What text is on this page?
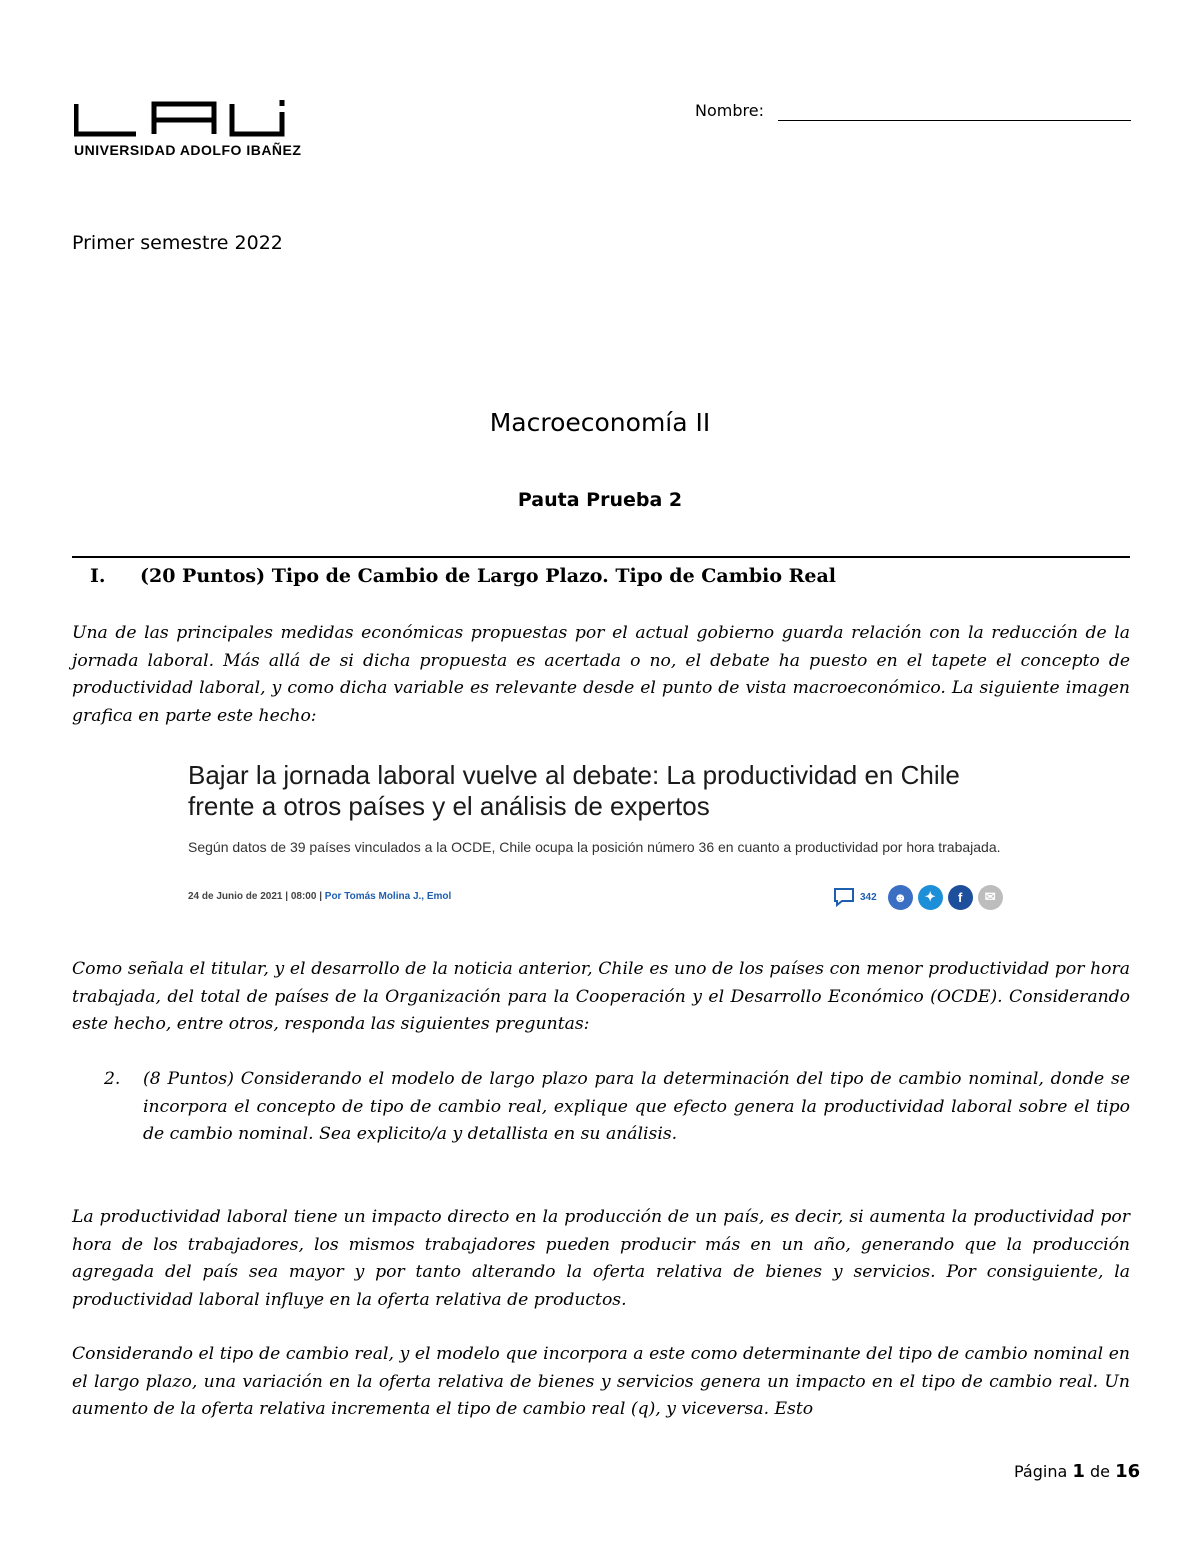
UNIVERSIDAD ADOLFO IBAÑEZ
Nombre:
Primer semestre 2022
Macroeconomía II
Pauta Prueba 2
I. (20 Puntos) Tipo de Cambio de Largo Plazo. Tipo de Cambio Real
Una de las principales medidas económicas propuestas por el actual gobierno guarda relación con la reducción de la jornada laboral. Más allá de si dicha propuesta es acertada o no, el debate ha puesto en el tapete el concepto de productividad laboral, y como dicha variable es relevante desde el punto de vista macroeconómico. La siguiente imagen grafica en parte este hecho:
Bajar la jornada laboral vuelve al debate: La productividad en Chile frente a otros países y el análisis de expertos
Según datos de 39 países vinculados a la OCDE, Chile ocupa la posición número 36 en cuanto a productividad por hora trabajada.
24 de Junio de 2021 | 08:00 | Por Tomás Molina J., Emol	342	☻	✦	f	✉
Como señala el titular, y el desarrollo de la noticia anterior, Chile es uno de los países con menor productividad por hora trabajada, del total de países de la Organización para la Cooperación y el Desarrollo Económico (OCDE). Considerando este hecho, entre otros, responda las siguientes preguntas:
2. (8 Puntos) Considerando el modelo de largo plazo para la determinación del tipo de cambio nominal, donde se incorpora el concepto de tipo de cambio real, explique que efecto genera la productividad laboral sobre el tipo de cambio nominal. Sea explicito/a y detallista en su análisis.
La productividad laboral tiene un impacto directo en la producción de un país, es decir, si aumenta la productividad por hora de los trabajadores, los mismos trabajadores pueden producir más en un año, generando que la producción agregada del país sea mayor y por tanto alterando la oferta relativa de bienes y servicios. Por consiguiente, la productividad laboral influye en la oferta relativa de productos.
Considerando el tipo de cambio real, y el modelo que incorpora a este como determinante del tipo de cambio nominal en el largo plazo, una variación en la oferta relativa de bienes y servicios genera un impacto en el tipo de cambio real. Un aumento de la oferta relativa incrementa el tipo de cambio real (q), y viceversa. Esto
Página 1 de 16
